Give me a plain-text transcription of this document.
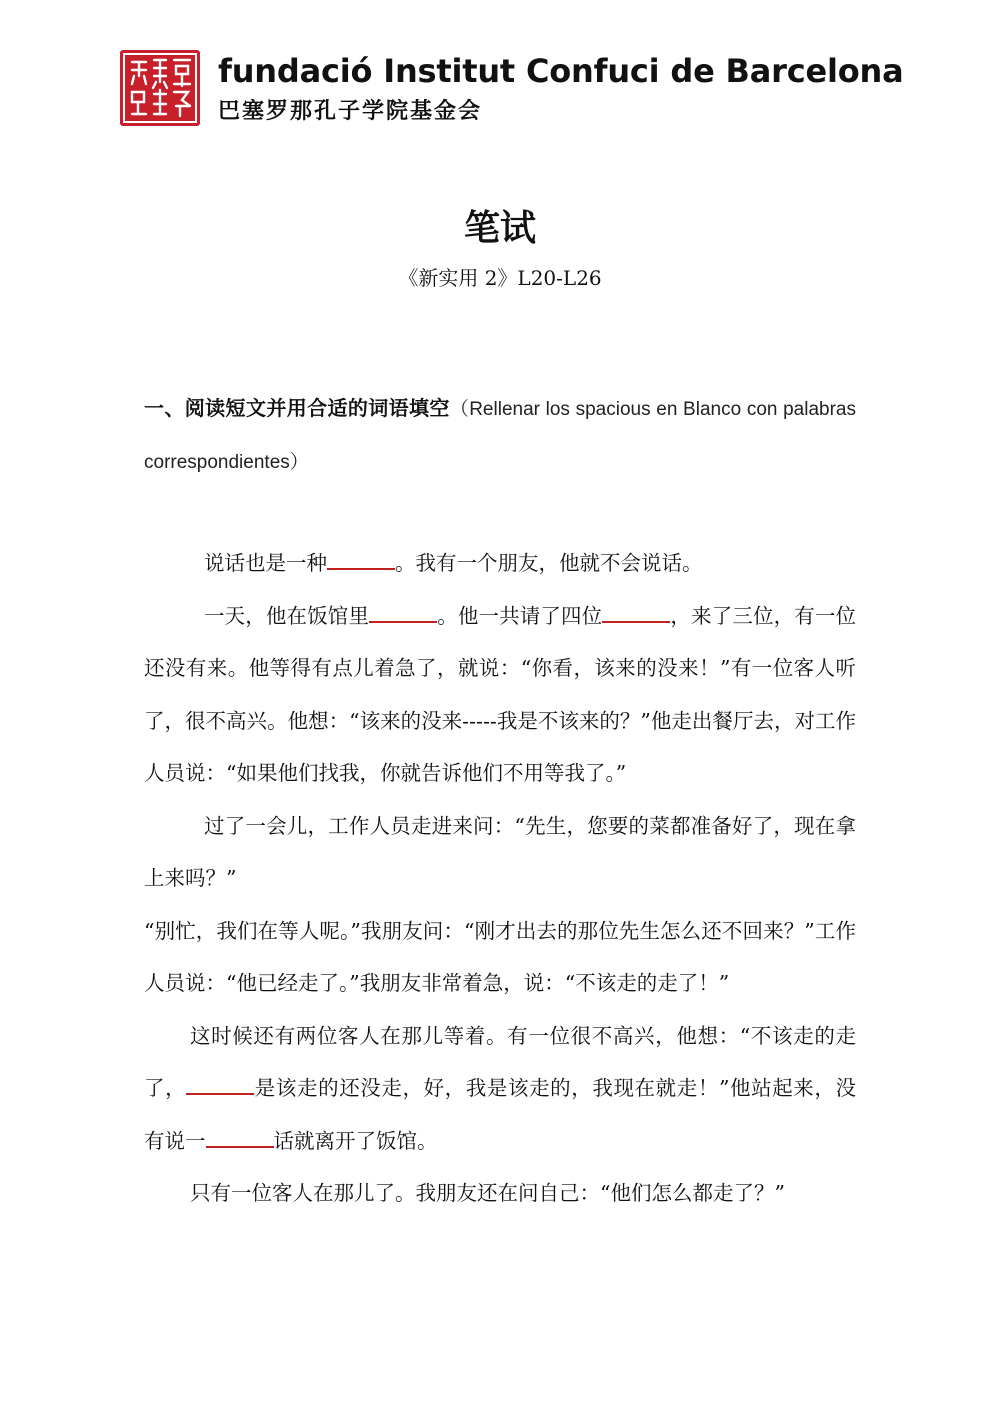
fundació Institut Confuci de Barcelona
巴塞罗那孔子学院基金会
笔试
《新实用 2》L20-L26
一、阅读短文并用合适的词语填空（Rellenar los spacious en Blanco con palabras correspondientes）

说话也是一种	。我有一个朋友，他就不会说话。

一天，他在饭馆里	。他一共请了四位	，来了三位，有一位还没有来。他等得有点儿着急了，就说：“你看，该来的没来！”有一位客人听了，很不高兴。他想：“该来的没来-----我是不该来的？”他走出餐厅去，对工作人员说：“如果他们找我，你就告诉他们不用等我了。”

过了一会儿，工作人员走进来问：“先生，您要的菜都准备好了，现在拿上来吗？”

“别忙，我们在等人呢。”我朋友问：“刚才出去的那位先生怎么还不回来？”工作人员说：“他已经走了。”我朋友非常着急，说：“不该走的走了！”

这时候还有两位客人在那儿等着。有一位很不高兴，他想：“不该走的走了，	是该走的还没走，好，我是该走的，我现在就走！”他站起来，没有说一	话就离开了饭馆。

只有一位客人在那儿了。我朋友还在问自己：“他们怎么都走了？”
